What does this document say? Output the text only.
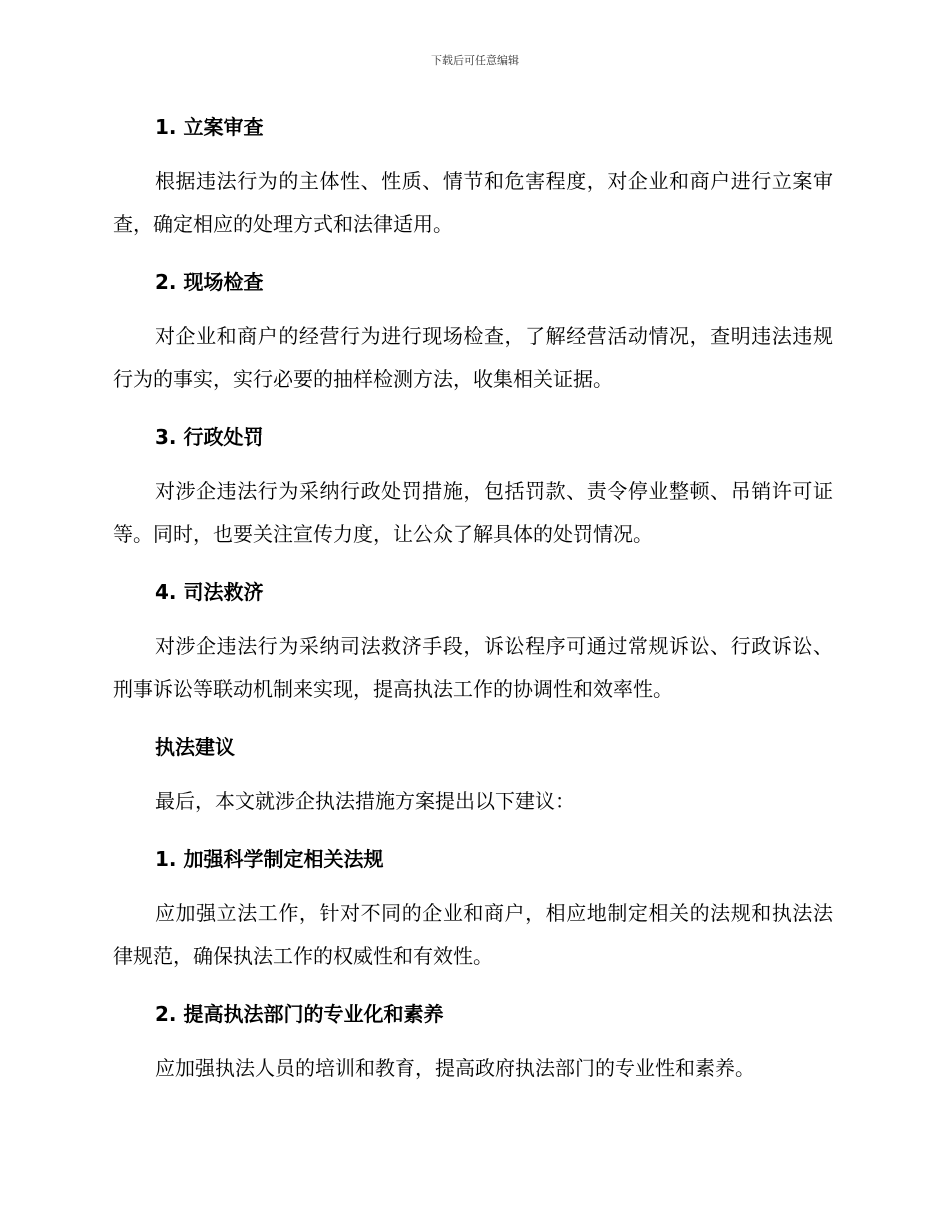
下载后可任意编辑
1. 立案审查

根据违法行为的主体性、性质、情节和危害程度，对企业和商户进行立案审查，确定相应的处理方式和法律适用。

2. 现场检查

对企业和商户的经营行为进行现场检查，了解经营活动情况，查明违法违规行为的事实，实行必要的抽样检测方法，收集相关证据。

3. 行政处罚

对涉企违法行为采纳行政处罚措施，包括罚款、责令停业整顿、吊销许可证等。同时，也要关注宣传力度，让公众了解具体的处罚情况。

4. 司法救济

对涉企违法行为采纳司法救济手段，诉讼程序可通过常规诉讼、行政诉讼、刑事诉讼等联动机制来实现，提高执法工作的协调性和效率性。

执法建议

最后，本文就涉企执法措施方案提出以下建议：

1. 加强科学制定相关法规

应加强立法工作，针对不同的企业和商户，相应地制定相关的法规和执法法律规范，确保执法工作的权威性和有效性。

2. 提高执法部门的专业化和素养

应加强执法人员的培训和教育，提高政府执法部门的专业性和素养。
